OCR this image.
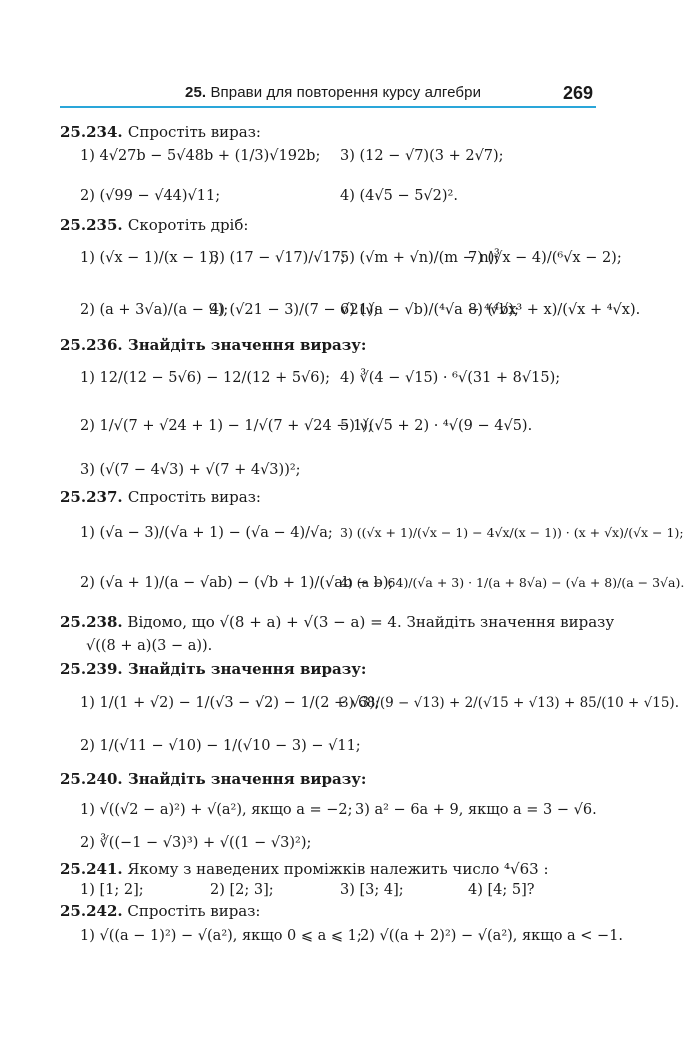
25. Вправи для повторення курсу алгебри	269
25.234. Спростіть вираз:
1) 4√27b − 5√48b + (1/3)√192b; 3) (12 − √7)(3 + 2√7);
2) (√99 − √44)√11;	4) (4√5 − 5√2)².
25.235. Скоротіть дріб:
1) (√x − 1)/(x − 1);
3) (17 − √17)/√17;
5) (√m + √n)/(m − n);
7) (∛x − 4)/(⁶√x − 2);
2) (a + 3√a)/(a − 9);
4) (√21 − 3)/(7 − √21);
6) (√a − √b)/(⁴√a − ⁴√b);
8) (⁴√x³ + x)/(√x + ⁴√x).
25.236. Знайдіть значення виразу:
1) 12/(12 − 5√6) − 12/(12 + 5√6); 4) ∛(4 − √15) · ⁶√(31 + 8√15);
2) 1/√(7 + √24 + 1) − 1/√(7 + √24 − 1);
5) √(√5 + 2) · ⁴√(9 − 4√5).
3) (√(7 − 4√3) + √(7 + 4√3))²;
25.237. Спростіть вираз:
1) (√a − 3)/(√a + 1) − (√a − 4)/√a; 3) ((√x + 1)/(√x − 1) − 4√x/(x − 1)) · (x + √x)/(√x − 1);
2) (√a + 1)/(a − √ab) − (√b + 1)/(√ab − b);
4) (a − 64)/(√a + 3) · 1/(a + 8√a) − (√a + 8)/(a − 3√a).
25.238. Відомо, що √(8 + a) + √(3 − a) = 4. Знайдіть значення виразу
√((8 + a)(3 − a)).
25.239. Знайдіть значення виразу:
1) 1/(1 + √2) − 1/(√3 − √2) − 1/(2 + √3);
3) 68/(9 − √13) + 2/(√15 + √13) + 85/(10 + √15).
2) 1/(√11 − √10) − 1/(√10 − 3) − √11;
25.240. Знайдіть значення виразу:
1) √((√2 − a)²) + √(a²), якщо a = −2; 3) a² − 6a + 9, якщо a = 3 − √6.
2) ∛((−1 − √3)³) + √((1 − √3)²);
25.241. Якому з наведених проміжків належить число ⁴√63 :
1) [1; 2];	2) [2; 3];	3) [3; 4];	4) [4; 5]?
25.242. Спростіть вираз:
1) √((a − 1)²) − √(a²), якщо 0 ⩽ a ⩽ 1;
2) √((a + 2)²) − √(a²), якщо a < −1.
